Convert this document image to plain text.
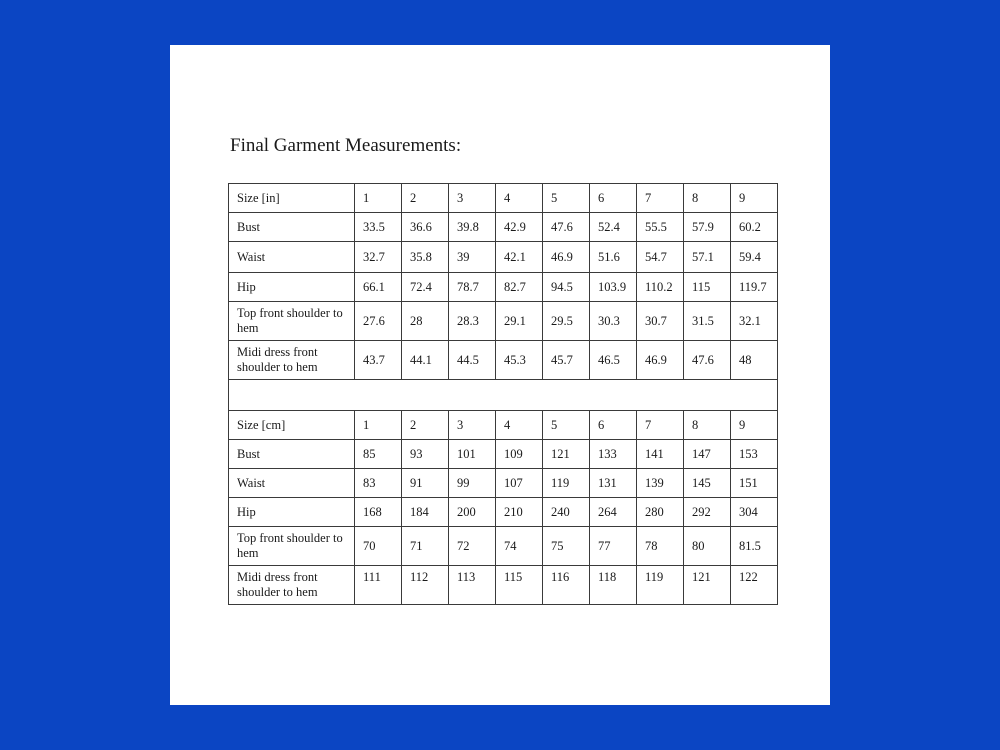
Final Garment Measurements:
Size [in]	1	2	3	4	5	6	7	8	9
Bust	33.5	36.6	39.8	42.9	47.6	52.4	55.5	57.9	60.2
Waist	32.7	35.8	39	42.1	46.9	51.6	54.7	57.1	59.4
Hip	66.1	72.4	78.7	82.7	94.5	103.9	110.2	115	119.7
Top front shoulder to hem	27.6	28	28.3	29.1	29.5	30.3	30.7	31.5	32.1
Midi dress front shoulder to hem	43.7	44.1	44.5	45.3	45.7	46.5	46.9	47.6	48

Size [cm]	1	2	3	4	5	6	7	8	9
Bust	85	93	101	109	121	133	141	147	153
Waist	83	91	99	107	119	131	139	145	151
Hip	168	184	200	210	240	264	280	292	304
Top front shoulder to hem	70	71	72	74	75	77	78	80	81.5
Midi dress front shoulder to hem	111	112	113	115	116	118	119	121	122
